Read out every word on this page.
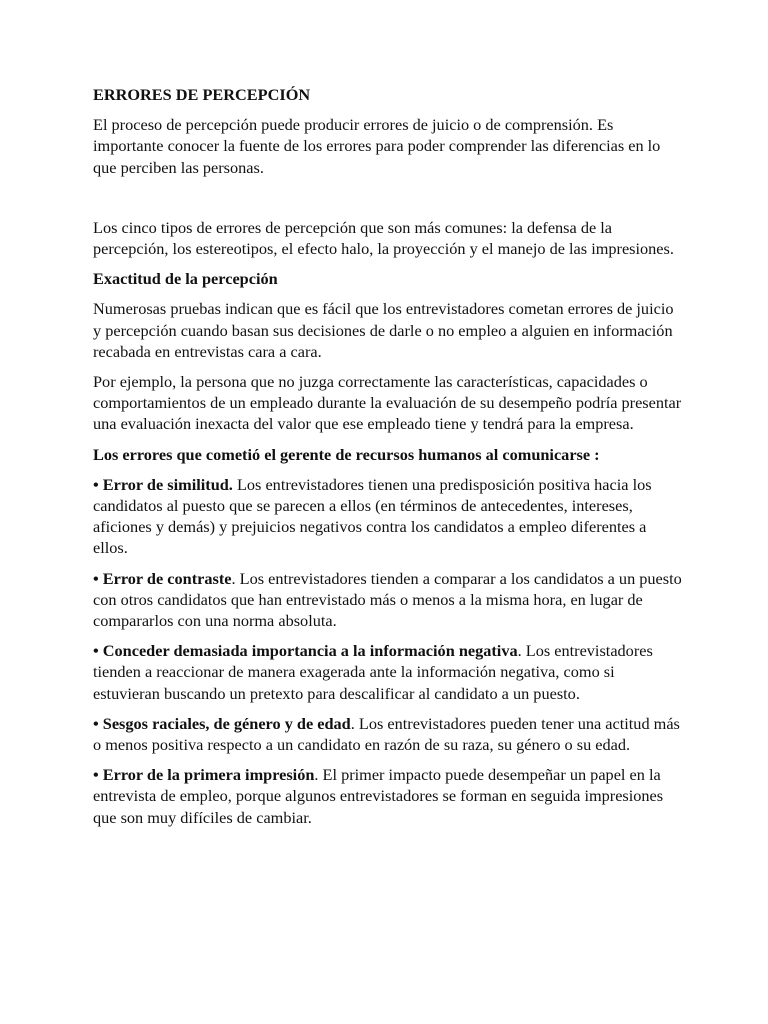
ERRORES DE PERCEPCIÓN

El proceso de percepción puede producir errores de juicio o de comprensión. Es importante conocer la fuente de los errores para poder comprender las diferencias en lo que perciben las personas.

Los cinco tipos de errores de percepción que son más comunes: la defensa de la percepción, los estereotipos, el efecto halo, la proyección y el manejo de las impresiones.

Exactitud de la percepción

Numerosas pruebas indican que es fácil que los entrevistadores cometan errores de juicio y percepción cuando basan sus decisiones de darle o no empleo a alguien en información recabada en entrevistas cara a cara.

Por ejemplo, la persona que no juzga correctamente las características, capacidades o comportamientos de un empleado durante la evaluación de su desempeño podría presentar una evaluación inexacta del valor que ese empleado tiene y tendrá para la empresa.

Los errores que cometió el gerente de recursos humanos al comunicarse :

• Error de similitud. Los entrevistadores tienen una predisposición positiva hacia los candidatos al puesto que se parecen a ellos (en términos de antecedentes, intereses, aficiones y demás) y prejuicios negativos contra los candidatos a empleo diferentes a ellos.

• Error de contraste. Los entrevistadores tienden a comparar a los candidatos a un puesto con otros candidatos que han entrevistado más o menos a la misma hora, en lugar de compararlos con una norma absoluta.

• Conceder demasiada importancia a la información negativa. Los entrevistadores tienden a reaccionar de manera exagerada ante la información negativa, como si estuvieran buscando un pretexto para descalificar al candidato a un puesto.

• Sesgos raciales, de género y de edad. Los entrevistadores pueden tener una actitud más o menos positiva respecto a un candidato en razón de su raza, su género o su edad.

• Error de la primera impresión. El primer impacto puede desempeñar un papel en la entrevista de empleo, porque algunos entrevistadores se forman en seguida impresiones que son muy difíciles de cambiar.
